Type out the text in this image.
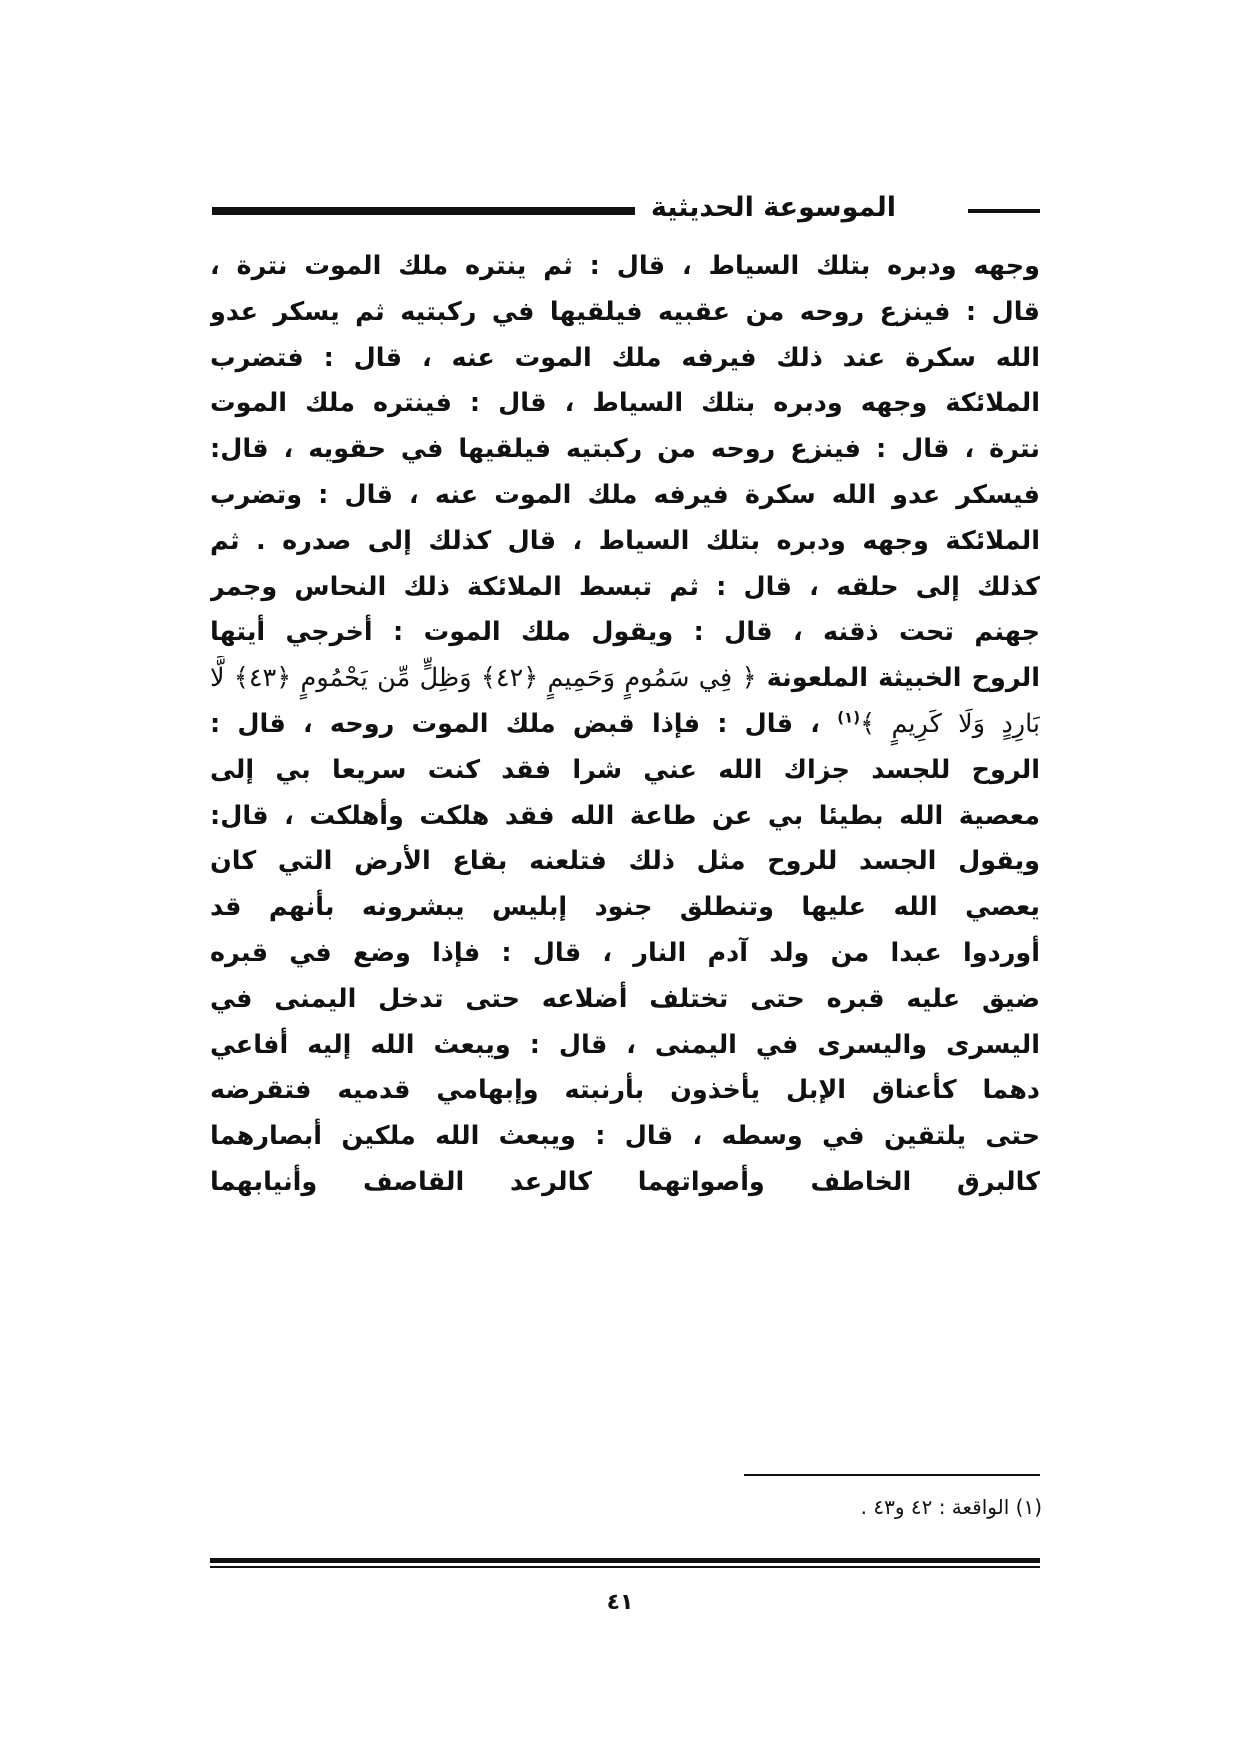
الموسوعة الحديثية
وجهه ودبره بتلك السياط ، قال : ثم ينتره ملك الموت نترة ،
قال : فينزع روحه من عقبيه فيلقيها في ركبتيه ثم يسكر عدو
الله سكرة عند ذلك فيرفه ملك الموت عنه ، قال : فتضرب
الملائكة وجهه ودبره بتلك السياط ، قال : فينتره ملك الموت
نترة ، قال : فينزع روحه من ركبتيه فيلقيها في حقويه ، قال:
فيسكر عدو الله سكرة فيرفه ملك الموت عنه ، قال : وتضرب
الملائكة وجهه ودبره بتلك السياط ، قال كذلك إلى صدره . ثم
كذلك إلى حلقه ، قال : ثم تبسط الملائكة ذلك النحاس وجمر
جهنم تحت ذقنه ، قال : ويقول ملك الموت : أخرجي أيتها
الروح الخبيثة الملعونة ﴿ فِي سَمُومٍ وَحَمِيمٍ ﴿٤٢﴾ وَظِلٍّ مِّن يَحْمُومٍ ﴿٤٣﴾ لَّا
بَارِدٍ وَلَا كَرِيمٍ ﴾$^{(١)}$ ، قال : فإذا قبض ملك الموت روحه ، قال :
الروح للجسد جزاك الله عني شرا فقد كنت سريعا بي إلى
معصية الله بطيئا بي عن طاعة الله فقد هلكت وأهلكت ، قال:
ويقول الجسد للروح مثل ذلك فتلعنه بقاع الأرض التي كان
يعصي الله عليها وتنطلق جنود إبليس يبشرونه بأنهم قد
أوردوا عبدا من ولد آدم النار ، قال : فإذا وضع في قبره
ضيق عليه قبره حتى تختلف أضلاعه حتى تدخل اليمنى في
اليسرى واليسرى في اليمنى ، قال : ويبعث الله إليه أفاعي
دهما كأعناق الإبل يأخذون بأرنبته وإبهامي قدميه فتقرضه
حتى يلتقين في وسطه ، قال : ويبعث الله ملكين أبصارهما
كالبرق الخاطف وأصواتهما كالرعد القاصف وأنيابهما
(١) الواقعة : ٤٢ و٤٣ .
٤١
